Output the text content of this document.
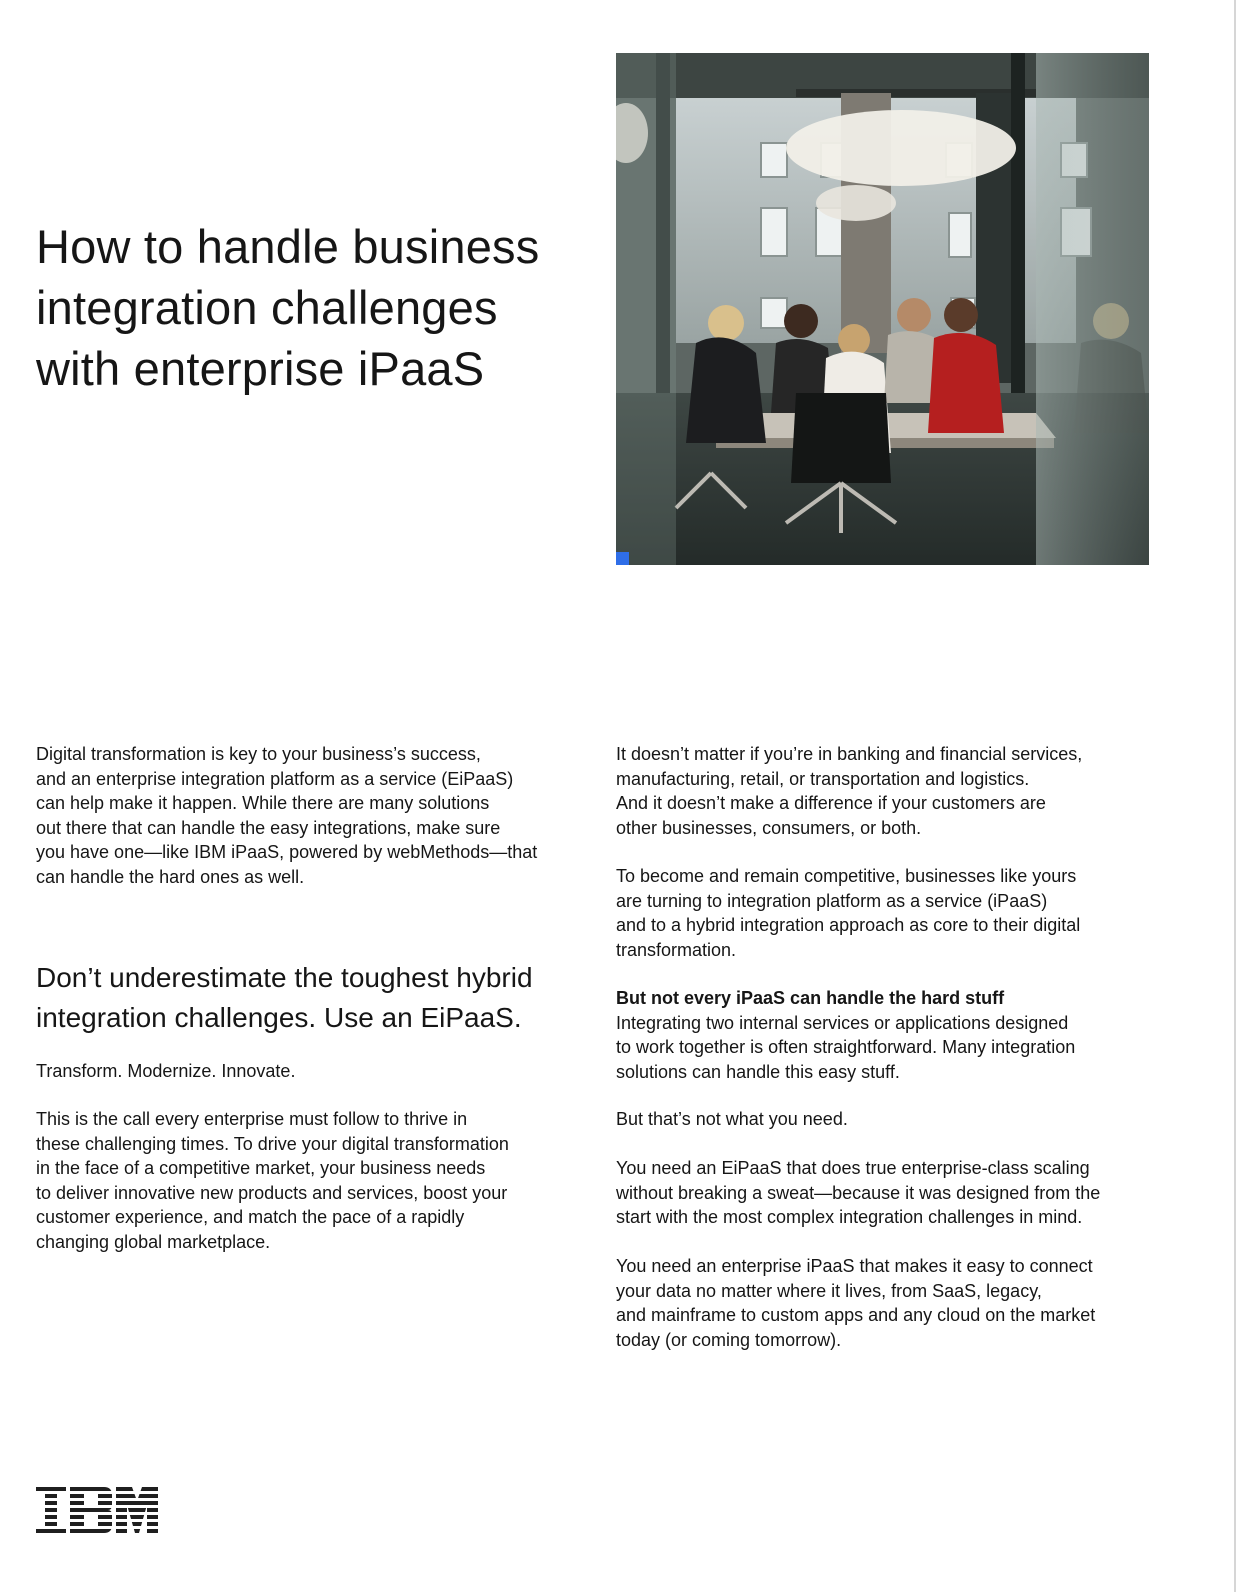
How to handle business
integration challenges
with enterprise iPaaS
Digital transformation is key to your business’s success,
and an enterprise integration platform as a service (EiPaaS)
can help make it happen. While there are many solutions
out there that can handle the easy integrations, make sure
you have one—like IBM iPaaS, powered by webMethods—that
can handle the hard ones as well.
Don’t underestimate the toughest hybrid
integration challenges. Use an EiPaaS.
Transform. Modernize. Innovate.
This is the call every enterprise must follow to thrive in
these challenging times. To drive your digital transformation
in the face of a competitive market, your business needs
to deliver innovative new products and services, boost your
customer experience, and match the pace of a rapidly
changing global marketplace.
It doesn’t matter if you’re in banking and financial services,
manufacturing, retail, or transportation and logistics.
And it doesn’t make a difference if your customers are
other businesses, consumers, or both.
To become and remain competitive, businesses like yours
are turning to integration platform as a service (iPaaS)
and to a hybrid integration approach as core to their digital
transformation.
But not every iPaaS can handle the hard stuff
Integrating two internal services or applications designed
to work together is often straightforward. Many integration
solutions can handle this easy stuff.
But that’s not what you need.
You need an EiPaaS that does true enterprise-class scaling
without breaking a sweat—because it was designed from the
start with the most complex integration challenges in mind.
You need an enterprise iPaaS that makes it easy to connect
your data no matter where it lives, from SaaS, legacy,
and mainframe to custom apps and any cloud on the market
today (or coming tomorrow).
